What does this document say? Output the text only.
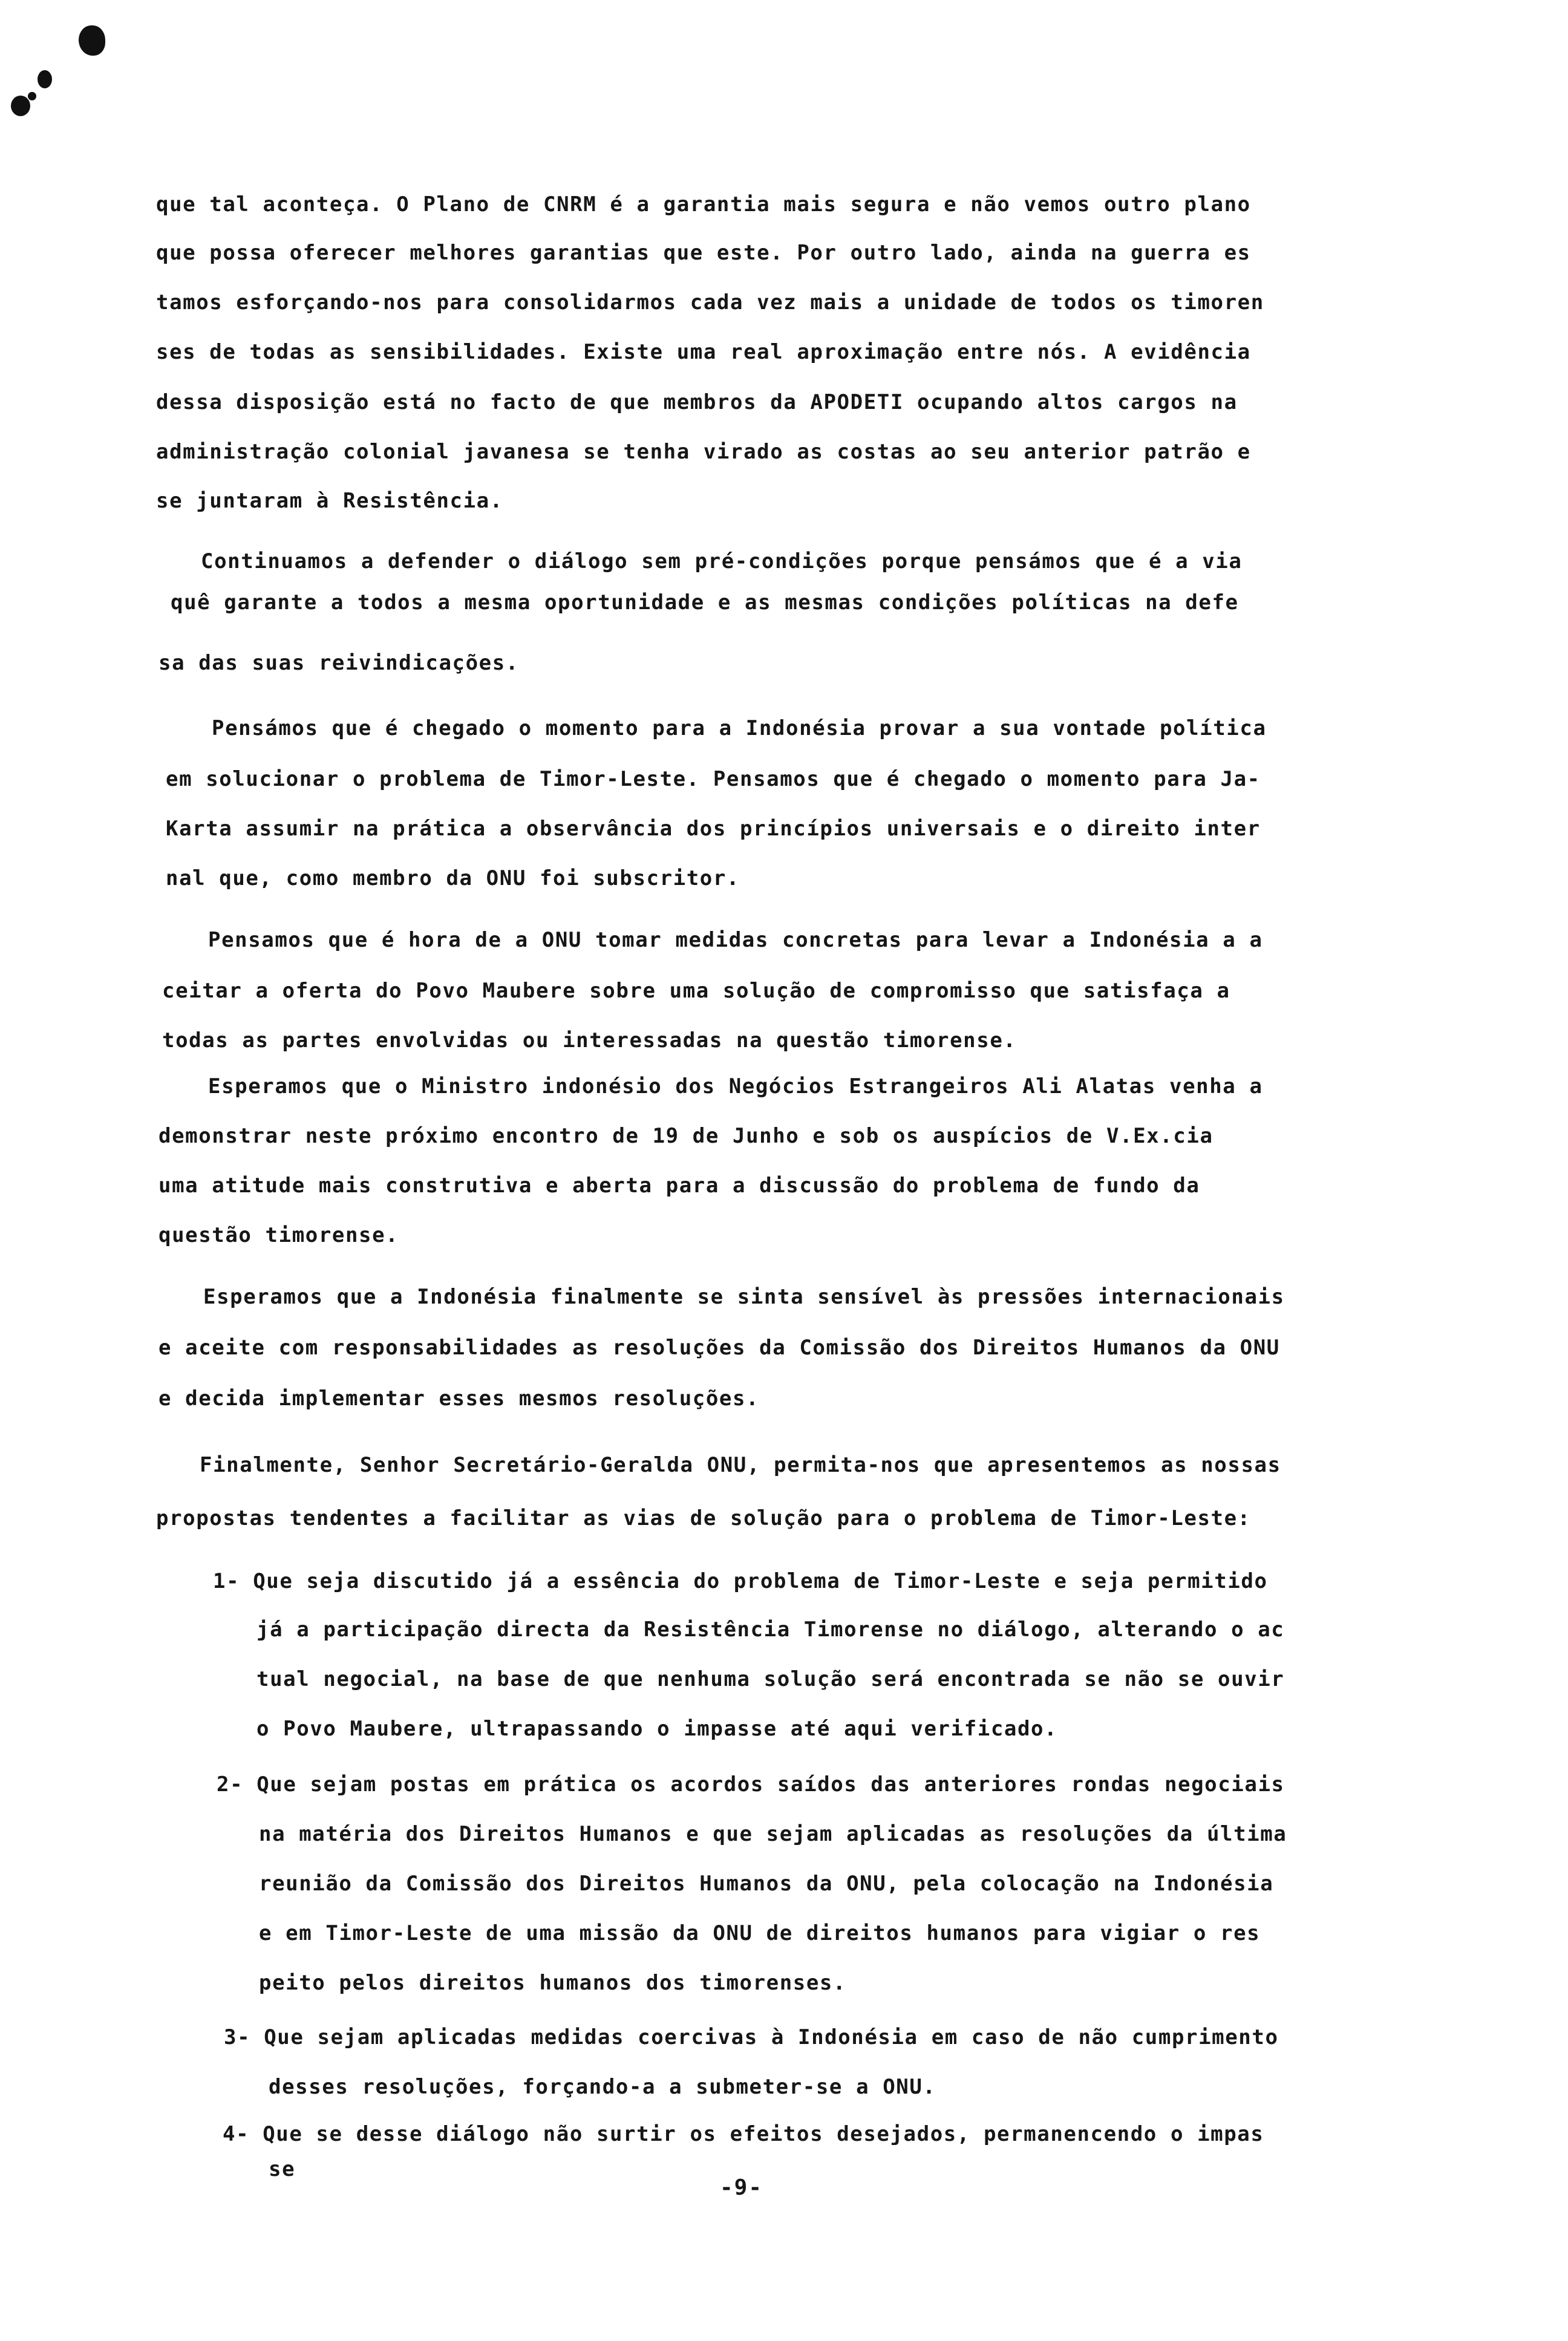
que tal aconteça. O Plano de CNRM é a garantia mais segura e não vemos outro plano
que possa oferecer melhores garantias que este. Por outro lado, ainda na guerra es
tamos esforçando-nos para consolidarmos cada vez mais a unidade de todos os timoren
ses de todas as sensibilidades. Existe uma real aproximação entre nós. A evidência
dessa disposição está no facto de que membros da APODETI ocupando altos cargos na
administração colonial javanesa se tenha virado as costas ao seu anterior patrão e
se juntaram à Resistência.
Continuamos a defender o diálogo sem pré-condições porque pensámos que é a via
quê garante a todos a mesma oportunidade e as mesmas condições políticas na defe
sa das suas reivindicações.
Pensámos que é chegado o momento para a Indonésia provar a sua vontade política
em solucionar o problema de Timor-Leste. Pensamos que é chegado o momento para Ja-
Karta assumir na prática a observância dos princípios universais e o direito inter
nal que, como membro da ONU foi subscritor.
Pensamos que é hora de a ONU tomar medidas concretas para levar a Indonésia a a
ceitar a oferta do Povo Maubere sobre uma solução de compromisso que satisfaça a
todas as partes envolvidas ou interessadas na questão timorense.
Esperamos que o Ministro indonésio dos Negócios Estrangeiros Ali Alatas venha a
demonstrar neste próximo encontro de 19 de Junho e sob os auspícios de V.Ex.cia
uma atitude mais construtiva e aberta para a discussão do problema de fundo da
questão timorense.
Esperamos que a Indonésia finalmente se sinta sensível às pressões internacionais
e aceite com responsabilidades as resoluções da Comissão dos Direitos Humanos da ONU
e decida implementar esses mesmos resoluções.
Finalmente, Senhor Secretário-Geralda ONU, permita-nos que apresentemos as nossas
propostas tendentes a facilitar as vias de solução para o problema de Timor-Leste:
1- Que seja discutido já a essência do problema de Timor-Leste e seja permitido
já a participação directa da Resistência Timorense no diálogo, alterando o ac
tual negocial, na base de que nenhuma solução será encontrada se não se ouvir
o Povo Maubere, ultrapassando o impasse até aqui verificado.
2- Que sejam postas em prática os acordos saídos das anteriores rondas negociais
na matéria dos Direitos Humanos e que sejam aplicadas as resoluções da última
reunião da Comissão dos Direitos Humanos da ONU, pela colocação na Indonésia
e em Timor-Leste de uma missão da ONU de direitos humanos para vigiar o res
peito pelos direitos humanos dos timorenses.
3- Que sejam aplicadas medidas coercivas à Indonésia em caso de não cumprimento
desses resoluções, forçando-a a submeter-se a ONU.
4- Que se desse diálogo não surtir os efeitos desejados, permanencendo o impas
se
-9-
